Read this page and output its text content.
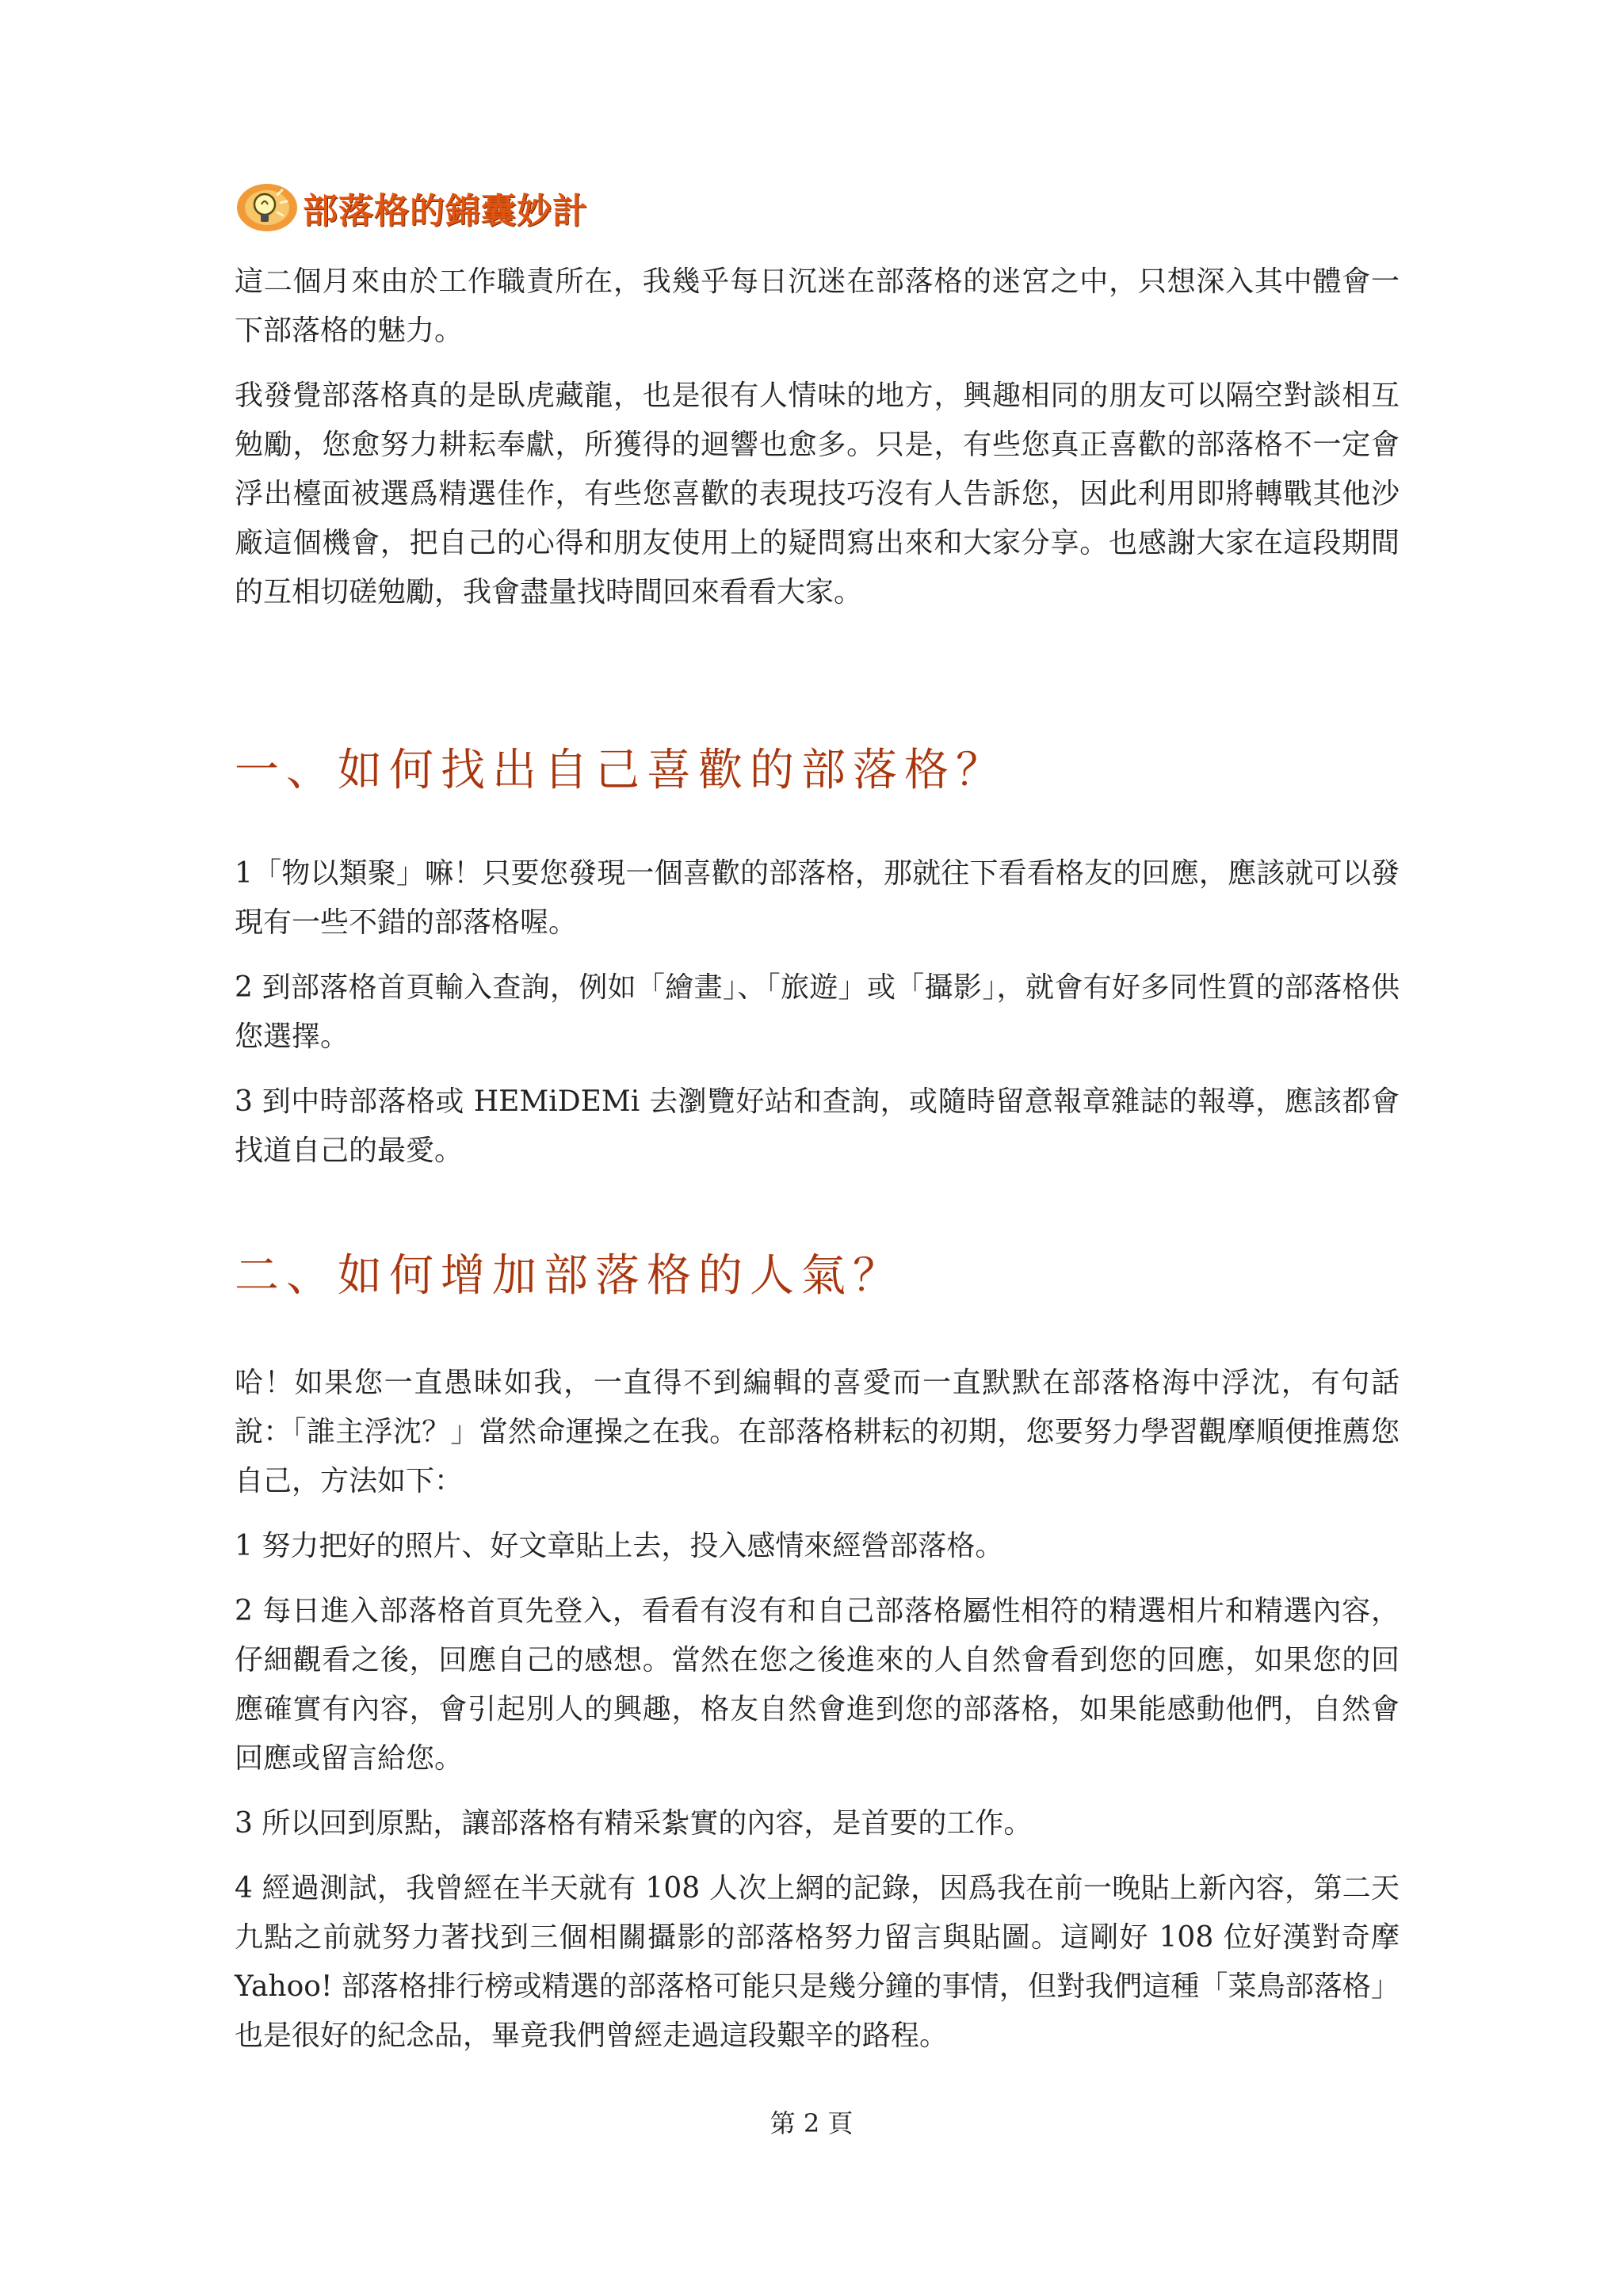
部落格的錦囊妙計

這二個月來由於工作職責所在，我幾乎每日沉迷在部落格的迷宮之中，只想深入其中體會一下部落格的魅力。

我發覺部落格真的是臥虎藏龍，也是很有人情味的地方，興趣相同的朋友可以隔空對談相互勉勵，您愈努力耕耘奉獻，所獲得的迴響也愈多。只是，有些您真正喜歡的部落格不一定會浮出檯面被選爲精選佳作，有些您喜歡的表現技巧沒有人告訴您，因此利用即將轉戰其他沙廠這個機會，把自己的心得和朋友使用上的疑問寫出來和大家分享。也感謝大家在這段期間的互相切磋勉勵，我會盡量找時間回來看看大家。

一、如何找出自己喜歡的部落格？

1「物以類聚」嘛！只要您發現一個喜歡的部落格，那就往下看看格友的回應，應該就可以發現有一些不錯的部落格喔。

2 到部落格首頁輸入查詢，例如「繪畫」、「旅遊」或「攝影」，就會有好多同性質的部落格供您選擇。

3 到中時部落格或 HEMiDEMi 去瀏覽好站和查詢，或隨時留意報章雜誌的報導，應該都會找道自己的最愛。

二、如何增加部落格的人氣？

哈！如果您一直愚昧如我，一直得不到編輯的喜愛而一直默默在部落格海中浮沈，有句話說：「誰主浮沈？」當然命運操之在我。在部落格耕耘的初期，您要努力學習觀摩順便推薦您自己，方法如下：

1 努力把好的照片、好文章貼上去，投入感情來經營部落格。

2 每日進入部落格首頁先登入，看看有沒有和自己部落格屬性相符的精選相片和精選內容，仔細觀看之後，回應自己的感想。當然在您之後進來的人自然會看到您的回應，如果您的回應確實有內容，會引起別人的興趣，格友自然會進到您的部落格，如果能感動他們，自然會回應或留言給您。

3 所以回到原點，讓部落格有精采紮實的內容，是首要的工作。

4 經過測試，我曾經在半天就有 108 人次上網的記錄，因爲我在前一晚貼上新內容，第二天九點之前就努力著找到三個相關攝影的部落格努力留言與貼圖。這剛好 108 位好漢對奇摩 Yahoo! 部落格排行榜或精選的部落格可能只是幾分鐘的事情，但對我們這種「菜鳥部落格」也是很好的紀念品，畢竟我們曾經走過這段艱辛的路程。

第 2 頁
